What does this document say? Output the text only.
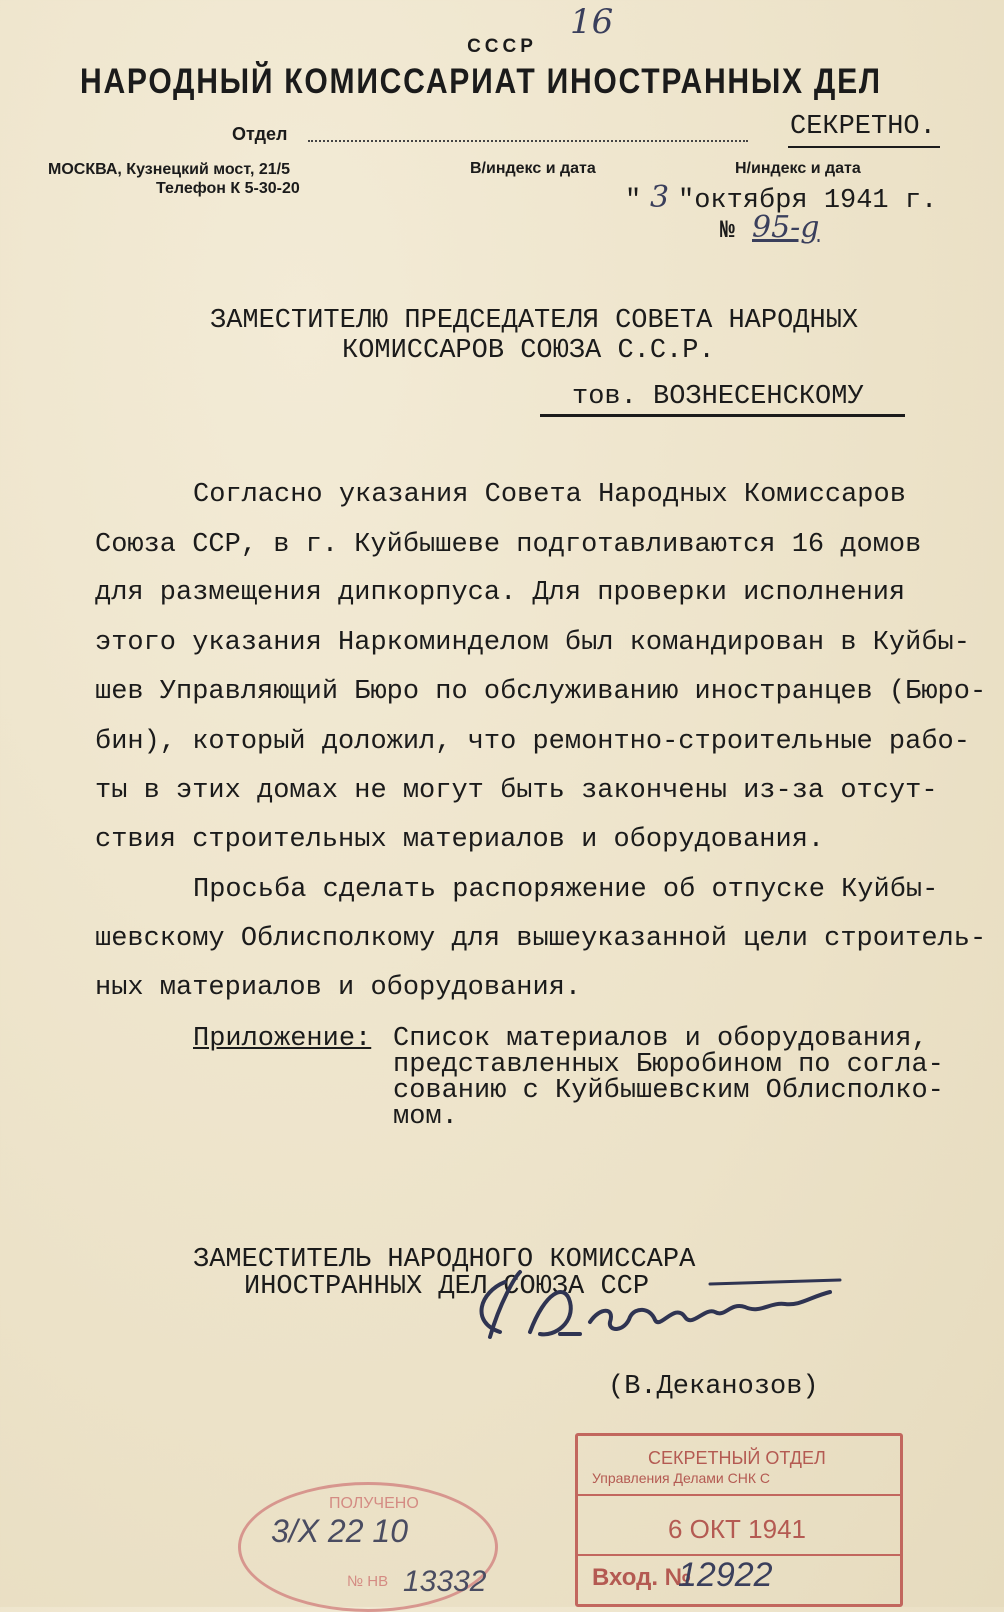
16
СССР
НАРОДНЫЙ КОМИССАРИАТ ИНОСТРАННЫХ ДЕЛ
Отдел	СЕКРЕТНО.
МОСКВА, Кузнецкий мост, 21/5
Телефон К 5-30-20
В/индекс и дата	Н/индекс и дата
" 3 "октября 1941 г.
№ 95-g
ЗАМЕСТИТЕЛЮ ПРЕДСЕДАТЕЛЯ СОВЕТА НАРОДНЫХ
КОМИССАРОВ СОЮЗА С.С.Р.
тов. ВОЗНЕСЕНСКОМУ
Согласно указания Совета Народных Комиссаров
Союза ССР, в г. Куйбышеве подготавливаются 16 домов
для размещения дипкорпуса. Для проверки исполнения
этого указания Наркоминделом был командирован в Куйбы-
шев Управляющий Бюро по обслуживанию иностранцев (Бюро-
бин), который доложил, что ремонтно-строительные рабо-
ты в этих домах не могут быть закончены из-за отсут-
ствия строительных материалов и оборудования.
Просьба сделать распоряжение об отпуске Куйбы-
шевскому Облисполкому для вышеуказанной цели строитель-
ных материалов и оборудования.
Приложение: Список материалов и оборудования,
представленных Бюробином по согла-
сованию с Куйбышевским Облисполко-
мом.
ЗАМЕСТИТЕЛЬ НАРОДНОГО КОМИССАРА
ИНОСТРАННЫХ ДЕЛ СОЮЗА ССР
(В.Деканозов)

ПОЛУЧЕНО

3/X 22 10

№ НВ

13332

СЕКРЕТНЫЙ ОТДЕЛ

Управления Делами СНК С

6 ОКТ 1941

Вход. №

12922
